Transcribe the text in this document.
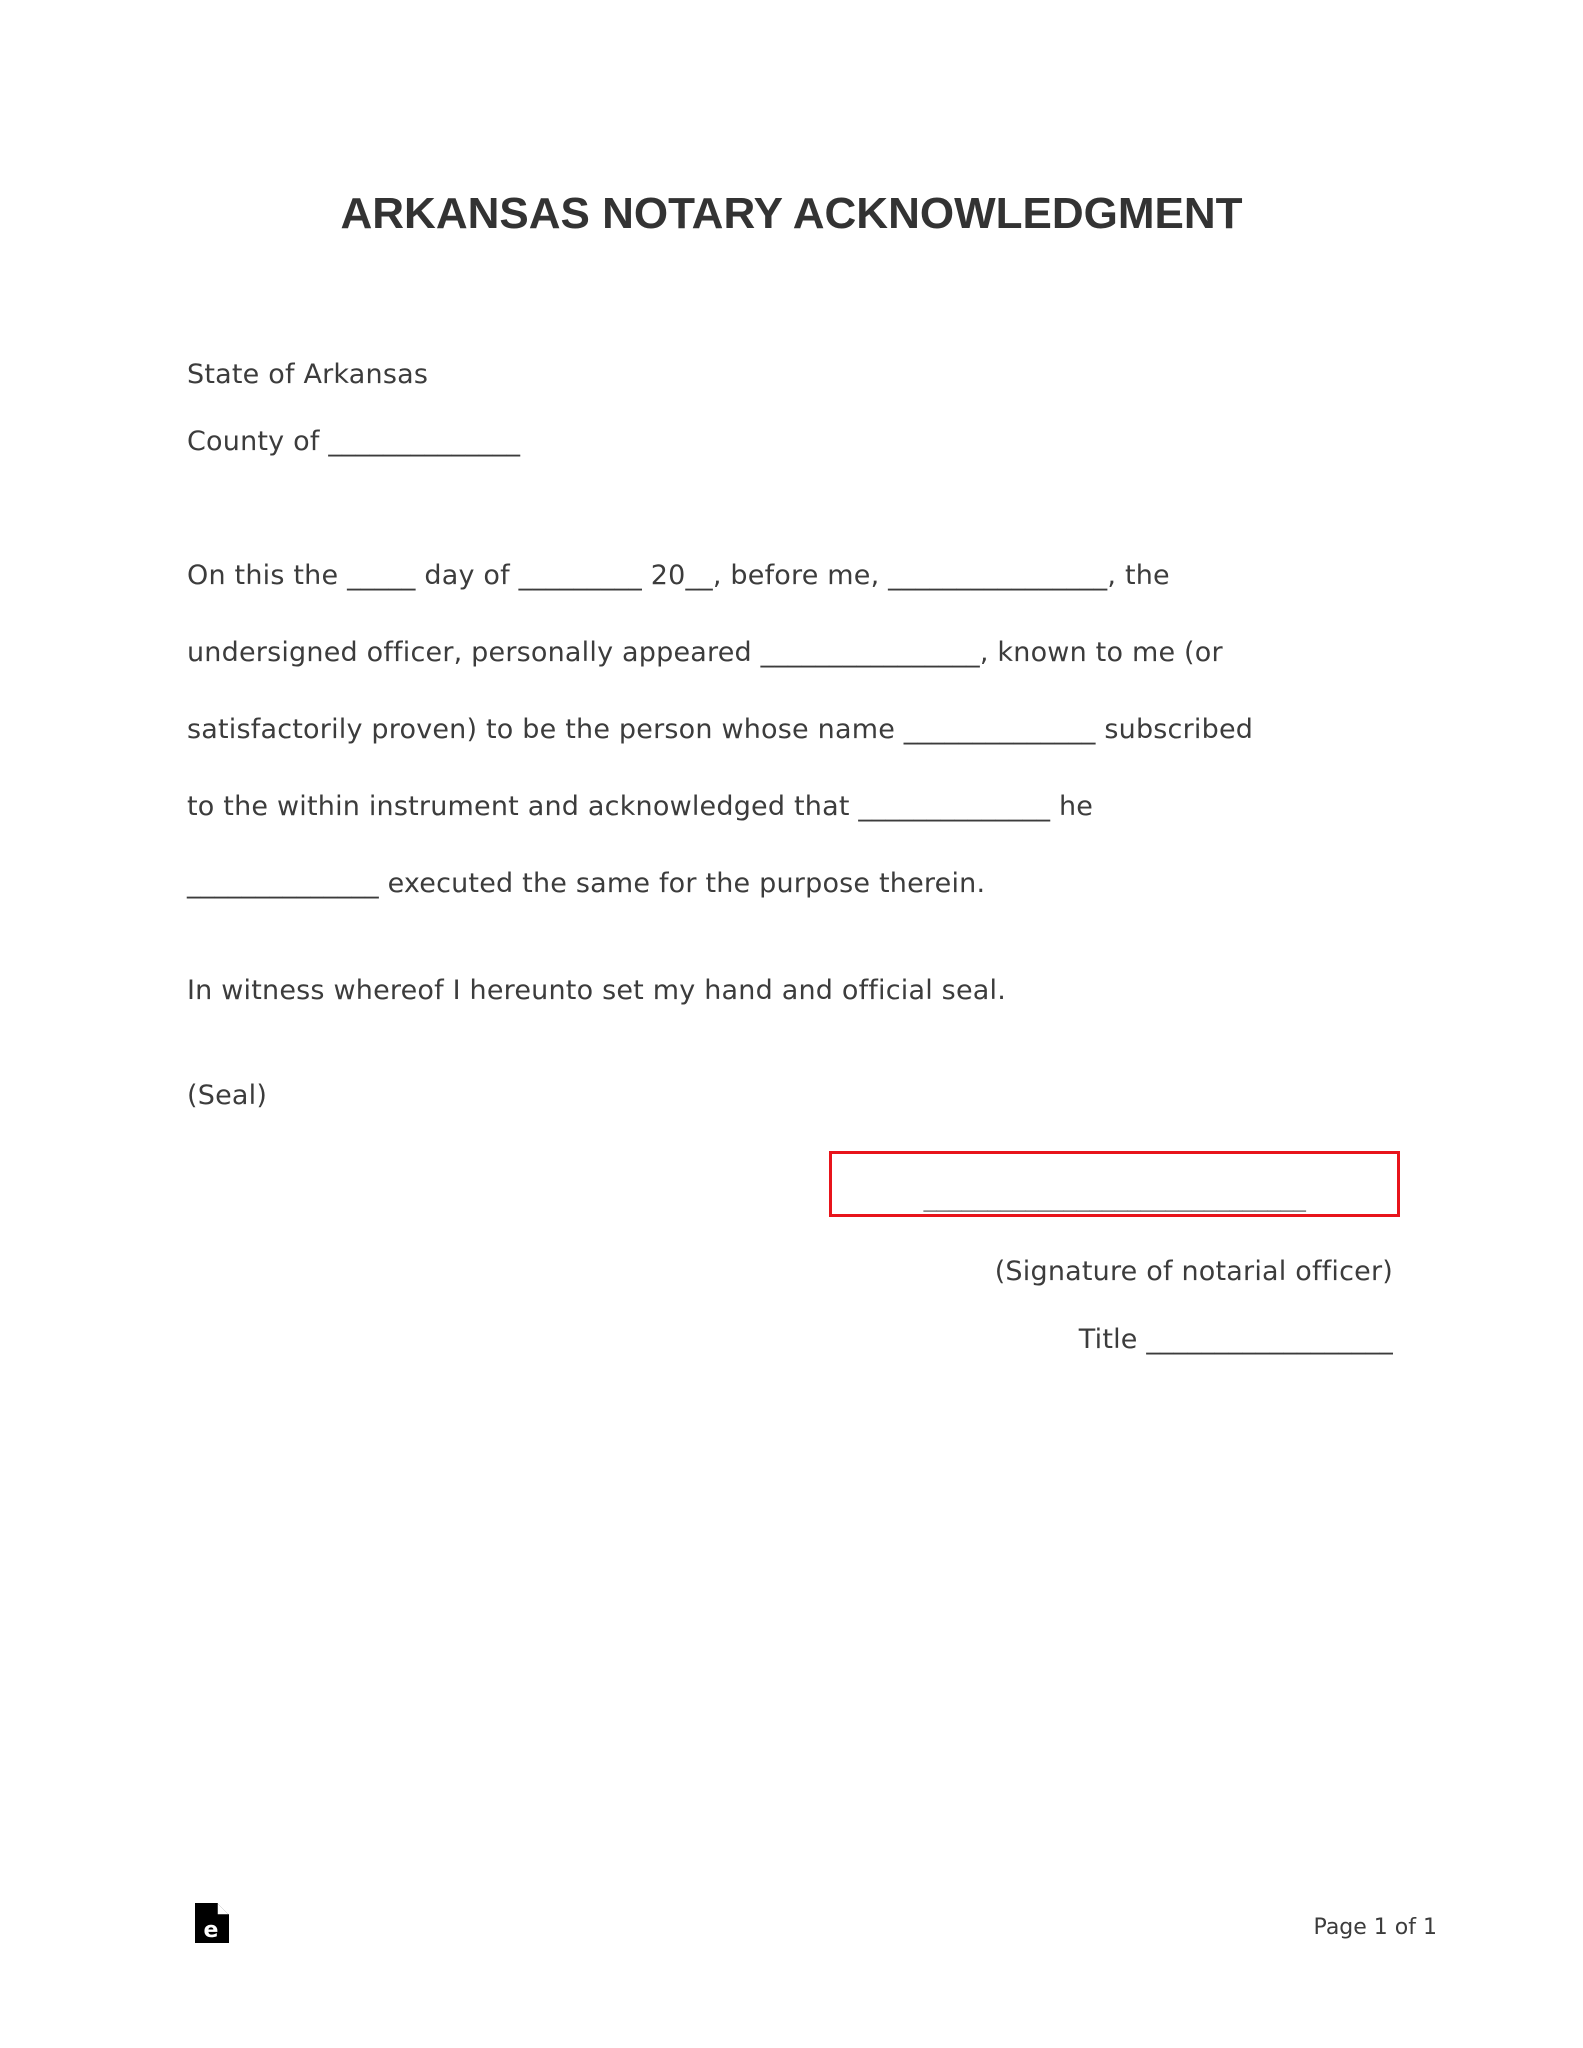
ARKANSAS NOTARY ACKNOWLEDGMENT
State of Arkansas
County of ______________
On this the _____ day of _________ 20__, before me, ________________, the
undersigned officer, personally appeared ________________, known to me (or
satisfactorily proven) to be the person whose name ______________ subscribed
to the within instrument and acknowledged that ______________ he
______________ executed the same for the purpose therein.
In witness whereof I hereunto set my hand and official seal.
(Seal)
______________________________
(Signature of notarial officer)
Title __________________
e	Page 1 of 1
